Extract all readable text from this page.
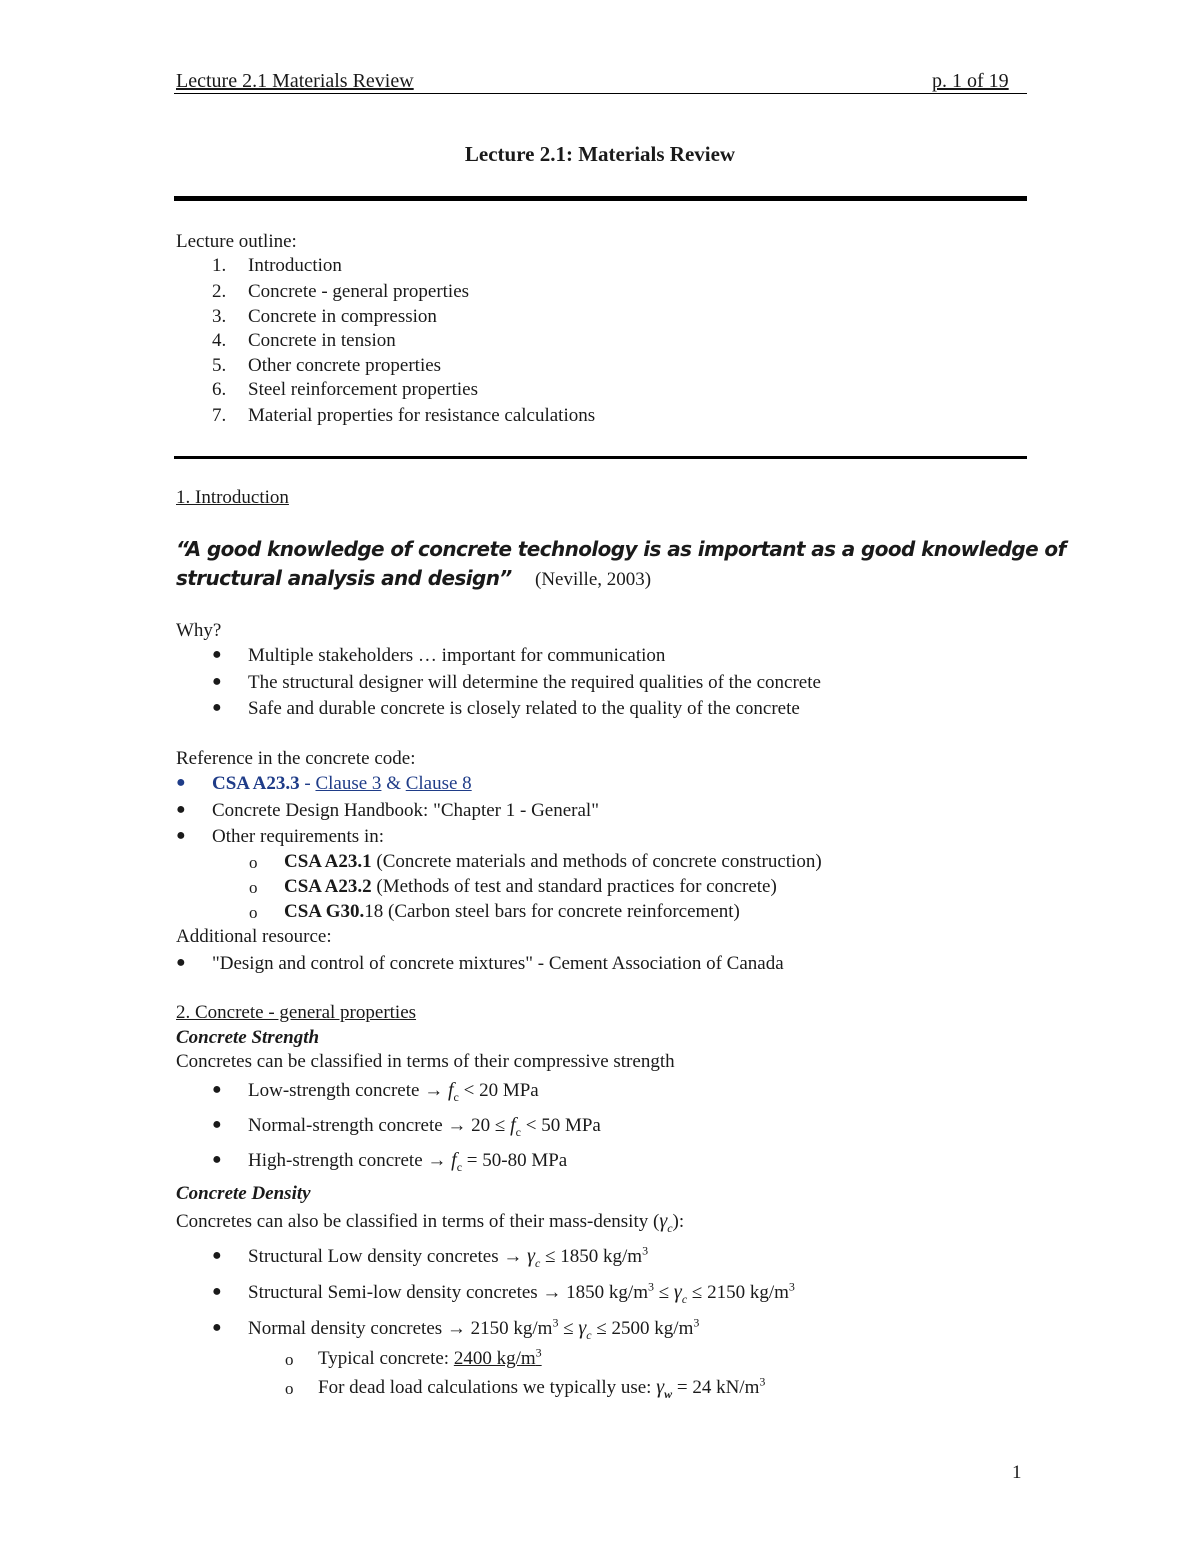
Lecture 2.1 Materials Review	p. 1 of 19
Lecture 2.1: Materials Review
Lecture outline:
1. Introduction
2. Concrete - general properties
3. Concrete in compression
4. Concrete in tension
5. Other concrete properties
6. Steel reinforcement properties
7. Material properties for resistance calculations
1. Introduction
“A good knowledge of concrete technology is as important as a good knowledge of
structural analysis and design” (Neville, 2003)
Why?
● Multiple stakeholders … important for communication
● The structural designer will determine the required qualities of the concrete
● Safe and durable concrete is closely related to the quality of the concrete
Reference in the concrete code:
● CSA A23.3 - Clause 3 & Clause 8
● Concrete Design Handbook: "Chapter 1 - General"
● Other requirements in:
o CSA A23.1 (Concrete materials and methods of concrete construction)
o CSA A23.2 (Methods of test and standard practices for concrete)
o CSA G30.18 (Carbon steel bars for concrete reinforcement)
Additional resource:
● "Design and control of concrete mixtures" - Cement Association of Canada
2. Concrete - general properties
Concrete Strength
Concretes can be classified in terms of their compressive strength
● Low-strength concrete → $f_c < 20$ MPa
● Normal-strength concrete → $20 \le f_c < 50$ MPa
● High-strength concrete → $f_c = 50-80$ MPa
Concrete Density
Concretes can also be classified in terms of their mass-density $(\gamma_c)$:
● Structural Low density concretes → $\gamma_c \le 1850$ $kg/m^3$
● Structural Semi-low density concretes → 1850 $kg/m^3 \le \gamma_c \le 2150$ $kg/m^3$
● Normal density concretes → 2150 $kg/m^3 \le \gamma_c \le 2500$ $kg/m^3$
o Typical concrete: 2400 $kg/m^3$
o For dead load calculations we typically use: $\gamma_w = 24$ $kN/m^3$
1
